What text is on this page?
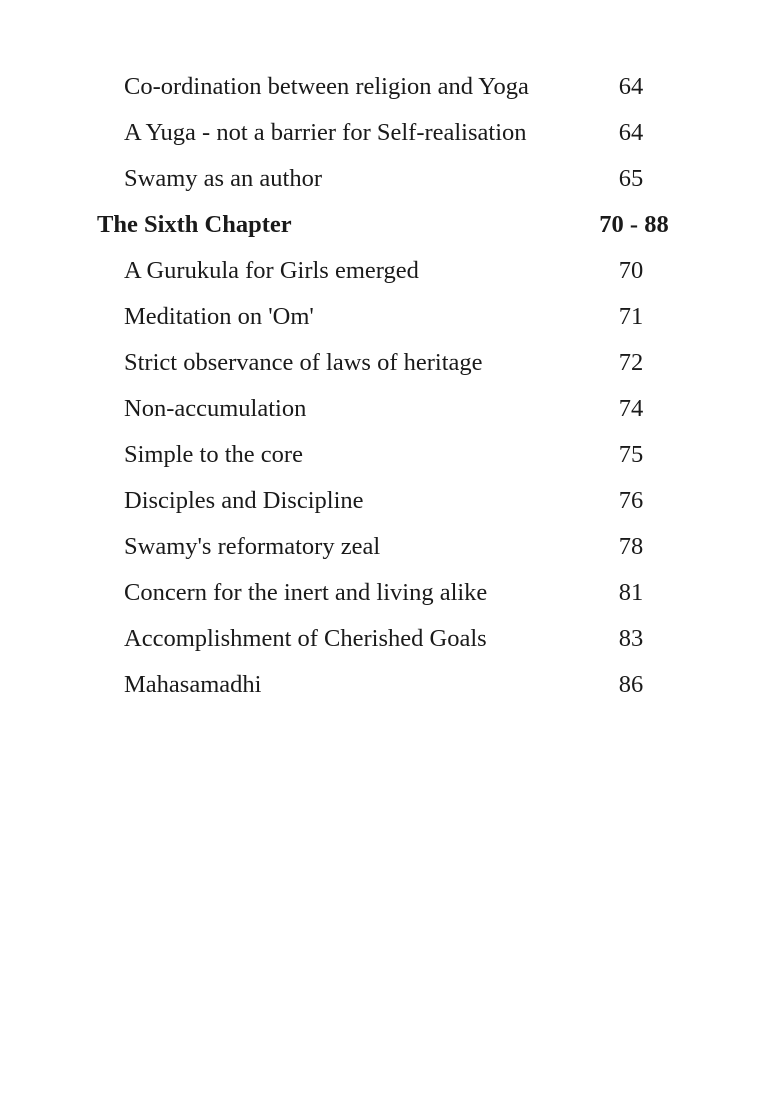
Co-ordination between religion and Yoga	64
A Yuga - not a barrier for Self-realisation	64
Swamy as an author	65
The Sixth Chapter	70 - 88
A Gurukula for Girls emerged	70
Meditation on 'Om'	71
Strict observance of laws of heritage	72
Non-accumulation	74
Simple to the core	75
Disciples and Discipline	76
Swamy's reformatory zeal	78
Concern for the inert and living alike	81
Accomplishment of Cherished Goals	83
Mahasamadhi	86
